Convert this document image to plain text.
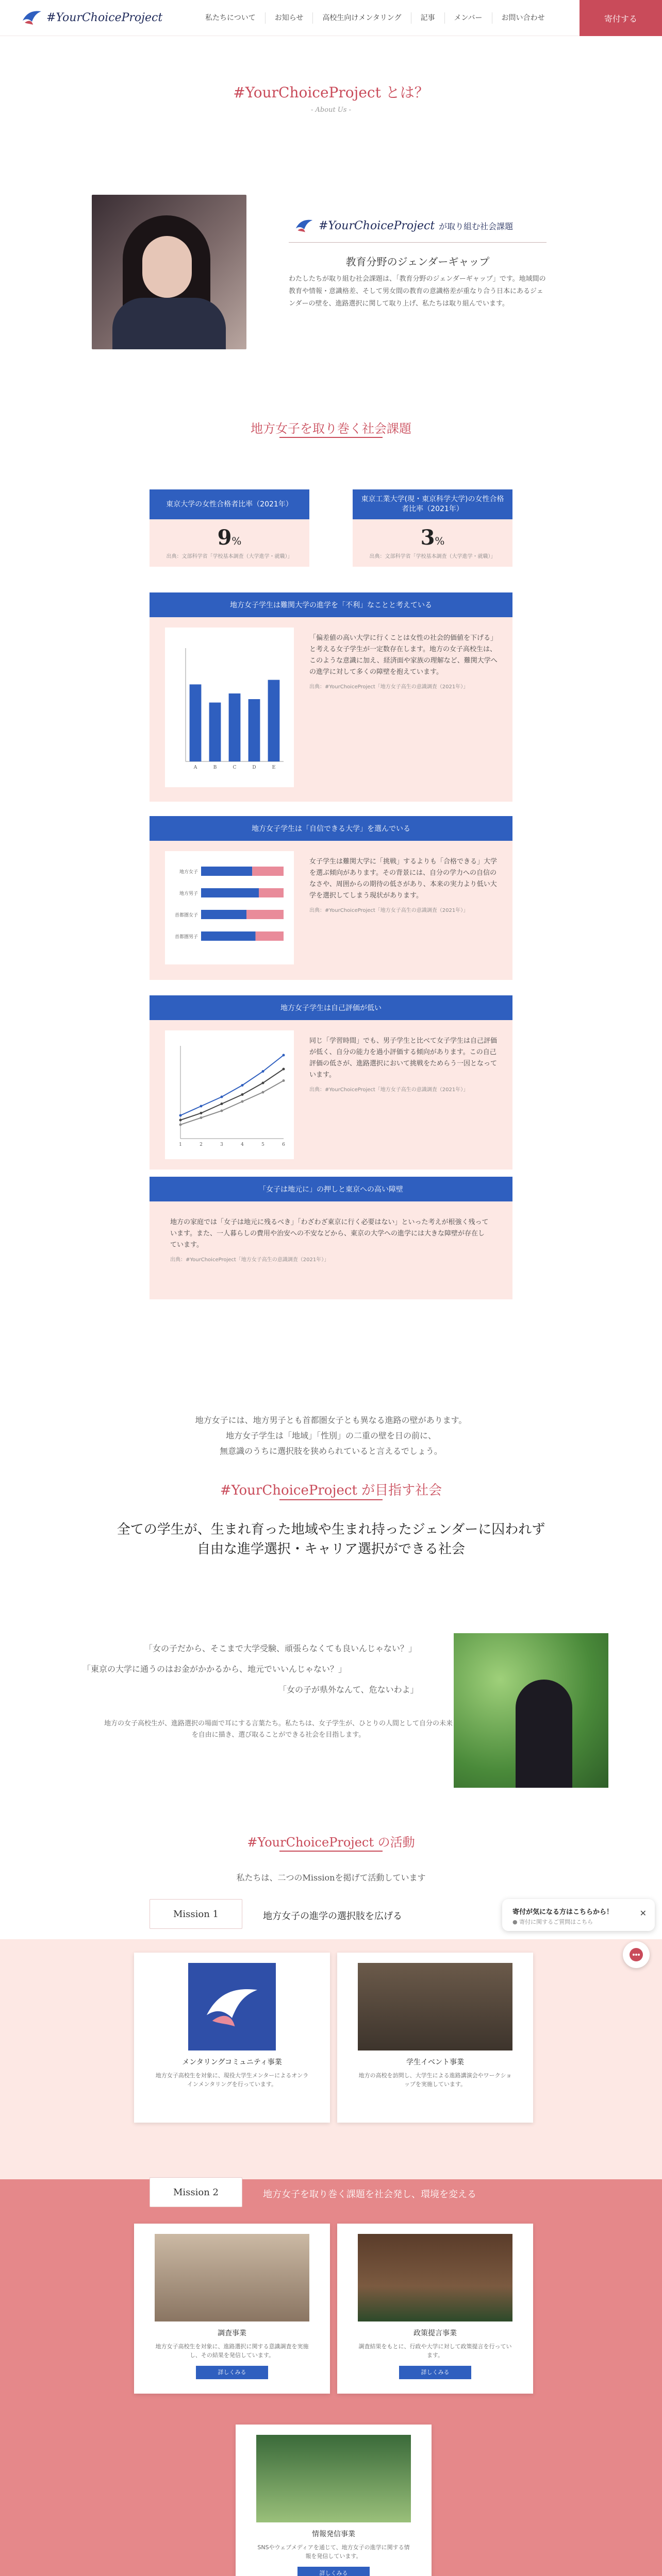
#YourChoiceProject	私たちについて	お知らせ	高校生向けメンタリング	記事	メンバー	お問い合わせ	寄付する
#YourChoiceProject とは？
- About Us -
#YourChoiceProject が取り組む社会課題
教育分野のジェンダーギャップ
わたしたちが取り組む社会課題は、「教育分野のジェンダーギャップ」です。地域間の教育や情報・意識格差、そして男女間の教育の意識格差が重なり合う日本にあるジェンダーの壁を、進路選択に関して取り上げ、私たちは取り組んでいます。
地方女子を取り巻く社会課題
東京大学の女性合格者比率（2021年）
9%
出典：文部科学省「学校基本調査（大学進学・就職）」
東京工業大学(現・東京科学大学)の女性合格者比率（2021年）
3%
出典：文部科学省「学校基本調査（大学進学・就職）」
地方女子学生は難関大学の進学を「不利」なことと考えている
A	B	C	D	E
「偏差値の高い大学に行くことは女性の社会的価値を下げる」と考える女子学生が一定数存在します。地方の女子高校生は、このような意識に加え、経済面や家族の理解など、難関大学への進学に対して多くの障壁を抱えています。
出典：#YourChoiceProject「地方女子高生の意識調査（2021年）」
地方女子学生は「自信できる大学」を選んでいる
地方女子
地方男子
首都圏女子
首都圏男子
女子学生は難関大学に「挑戦」するよりも「合格できる」大学を選ぶ傾向があります。その背景には、自分の学力への自信のなさや、周囲からの期待の低さがあり、本来の実力より低い大学を選択してしまう現状があります。
出典：#YourChoiceProject「地方女子高生の意識調査（2021年）」
地方女子学生は自己評価が低い
1	2	3	4	5	6
同じ「学習時間」でも、男子学生と比べて女子学生は自己評価が低く、自分の能力を過小評価する傾向があります。この自己評価の低さが、進路選択において挑戦をためらう一因となっています。
出典：#YourChoiceProject「地方女子高生の意識調査（2021年）」
「女子は地元に」の押しと東京への高い障壁
地方の家庭では「女子は地元に残るべき」「わざわざ東京に行く必要はない」といった考えが根強く残っています。また、一人暮らしの費用や治安への不安などから、東京の大学への進学には大きな障壁が存在しています。
出典：#YourChoiceProject「地方女子高生の意識調査（2021年）」
地方女子には、地方男子とも首都圏女子とも異なる進路の壁があります。
地方女子学生は「地域」「性別」の二重の壁を日の前に、
無意識のうちに選択肢を狭められていると言えるでしょう。
#YourChoiceProject が目指す社会
全ての学生が、生まれ育った地域や生まれ持ったジェンダーに囚われず
自由な進学選択・キャリア選択ができる社会
「女の子だから、そこまで大学受験、頑張らなくても良いんじゃない？」
「東京の大学に通うのはお金がかかるから、地元でいいんじゃない？」
「女の子が県外なんて、危ないわよ」
地方の女子高校生が、進路選択の場面で耳にする言葉たち。私たちは、女子学生が、ひとりの人間として自分の未来を自由に描き、選び取ることができる社会を目指します。
#YourChoiceProject の活動
私たちは、二つのMissionを掲げて活動しています
Mission 1	地方女子の進学の選択肢を広げる
メンタリングコミュニティ事業
地方女子高校生を対象に、現役大学生メンターによるオンラインメンタリングを行っています。
学生イベント事業
地方の高校を訪問し、大学生による進路講演会やワークショップを実施しています。
Mission 2	地方女子を取り巻く課題を社会発し、環境を変える
調査事業
地方女子高校生を対象に、進路選択に関する意識調査を実施し、その結果を発信しています。
詳しくみる
政策提言事業
調査結果をもとに、行政や大学に対して政策提言を行っています。
詳しくみる
情報発信事業
SNSやウェブメディアを通じて、地方女子の進学に関する情報を発信しています。
詳しくみる
寄付が気になる方はこちらから！
● 寄付に関するご質問はこちら
✕
